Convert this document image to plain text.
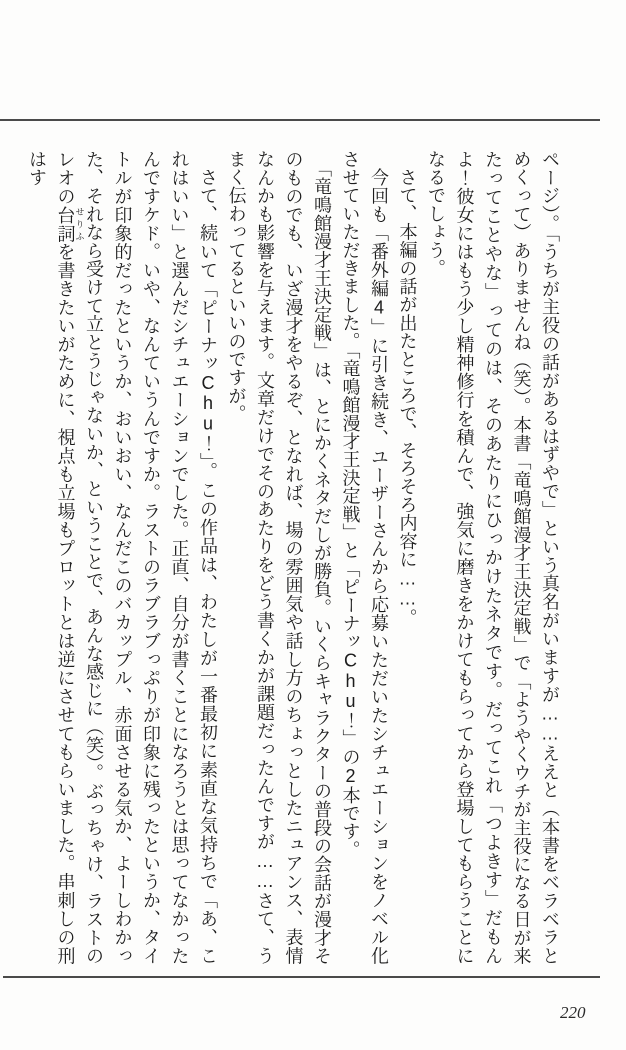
ページ）。「うちが主役の話があるはずやで」という真名がいますが……ええと（本書をベラベラとめくって）ありませんね（笑）。本書「竜鳴館漫才王決定戦」で「ようやくウチが主役になる日が来たってことやな」ってのは、そのあたりにひっかけたネタです。だってこれ「つよきす」だもんよ！彼女にはもう少し精神修行を積んで、強気に磨きをかけてもらってから登場してもらうことになるでしょう。

さて、本編の話が出たところで、そろそろ内容に……。

今回も「番外編4」に引き続き、ユーザーさんから応募いただいたシチュエーションをノベル化させていただきました。「竜鳴館漫才王決定戦」と「ピーナッChu！」の2本です。

「竜鳴館漫才王決定戦」は、とにかくネタだしが勝負。いくらキャラクターの普段の会話が漫才そのものでも、いざ漫才をやるぞ、となれば、場の雰囲気や話し方のちょっとしたニュアンス、表情なんかも影響を与えます。文章だけでそのあたりをどう書くかが課題だったんですが……さて、うまく伝わってるといいのですが。

さて、続いて「ピーナッChu！」。この作品は、わたしが一番最初に素直な気持ちで「あ、これはいい」と選んだシチュエーションでした。正直、自分が書くことになろうとは思ってなかったんですケド。いや、なんていうんですか。ラストのラブラブっぷりが印象に残ったというか、タイトルが印象的だったというか、おいおい、なんだこのバカップル、赤面させる気か、よーしわかった、それなら受けて立とうじゃないか、ということで、あんな感じに（笑）。ぶっちゃけ、ラストのレオの台詞 せりふを書きたいがために、視点も立場もプロットとは逆にさせてもらいました。串刺しの刑はす

220
